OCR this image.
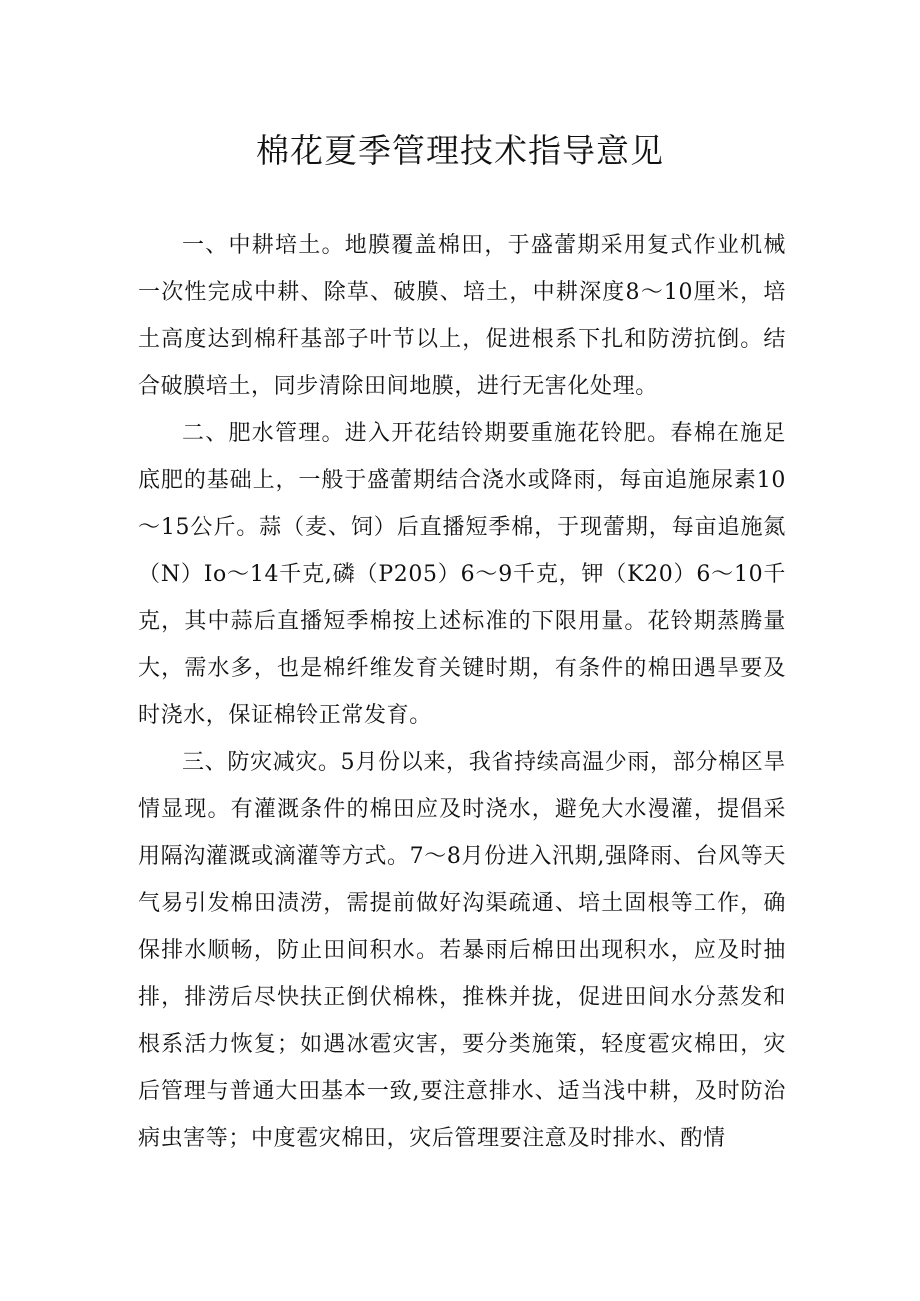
棉花夏季管理技术指导意见

一、中耕培土。地膜覆盖棉田，于盛蕾期采用复式作业机械一次性完成中耕、除草、破膜、培土，中耕深度8～10厘米，培土高度达到棉秆基部子叶节以上，促进根系下扎和防涝抗倒。结合破膜培土，同步清除田间地膜，进行无害化处理。

二、肥水管理。进入开花结铃期要重施花铃肥。春棉在施足底肥的基础上，一般于盛蕾期结合浇水或降雨，每亩追施尿素10～15公斤。蒜（麦、饲）后直播短季棉，于现蕾期，每亩追施氮（N）Io～14千克,磷（P205）6～9千克，钾（K20）6～10千克，其中蒜后直播短季棉按上述标准的下限用量。花铃期蒸腾量大，需水多，也是棉纤维发育关键时期，有条件的棉田遇旱要及时浇水，保证棉铃正常发育。

三、防灾减灾。5月份以来，我省持续高温少雨，部分棉区旱情显现。有灌溉条件的棉田应及时浇水，避免大水漫灌，提倡采用隔沟灌溉或滴灌等方式。7～8月份进入汛期,强降雨、台风等天气易引发棉田渍涝，需提前做好沟渠疏通、培土固根等工作，确保排水顺畅，防止田间积水。若暴雨后棉田出现积水，应及时抽排，排涝后尽快扶正倒伏棉株，推株并拢，促进田间水分蒸发和根系活力恢复；如遇冰雹灾害，要分类施策，轻度雹灾棉田，灾后管理与普通大田基本一致,要注意排水、适当浅中耕，及时防治病虫害等；中度雹灾棉田，灾后管理要注意及时排水、酌情
